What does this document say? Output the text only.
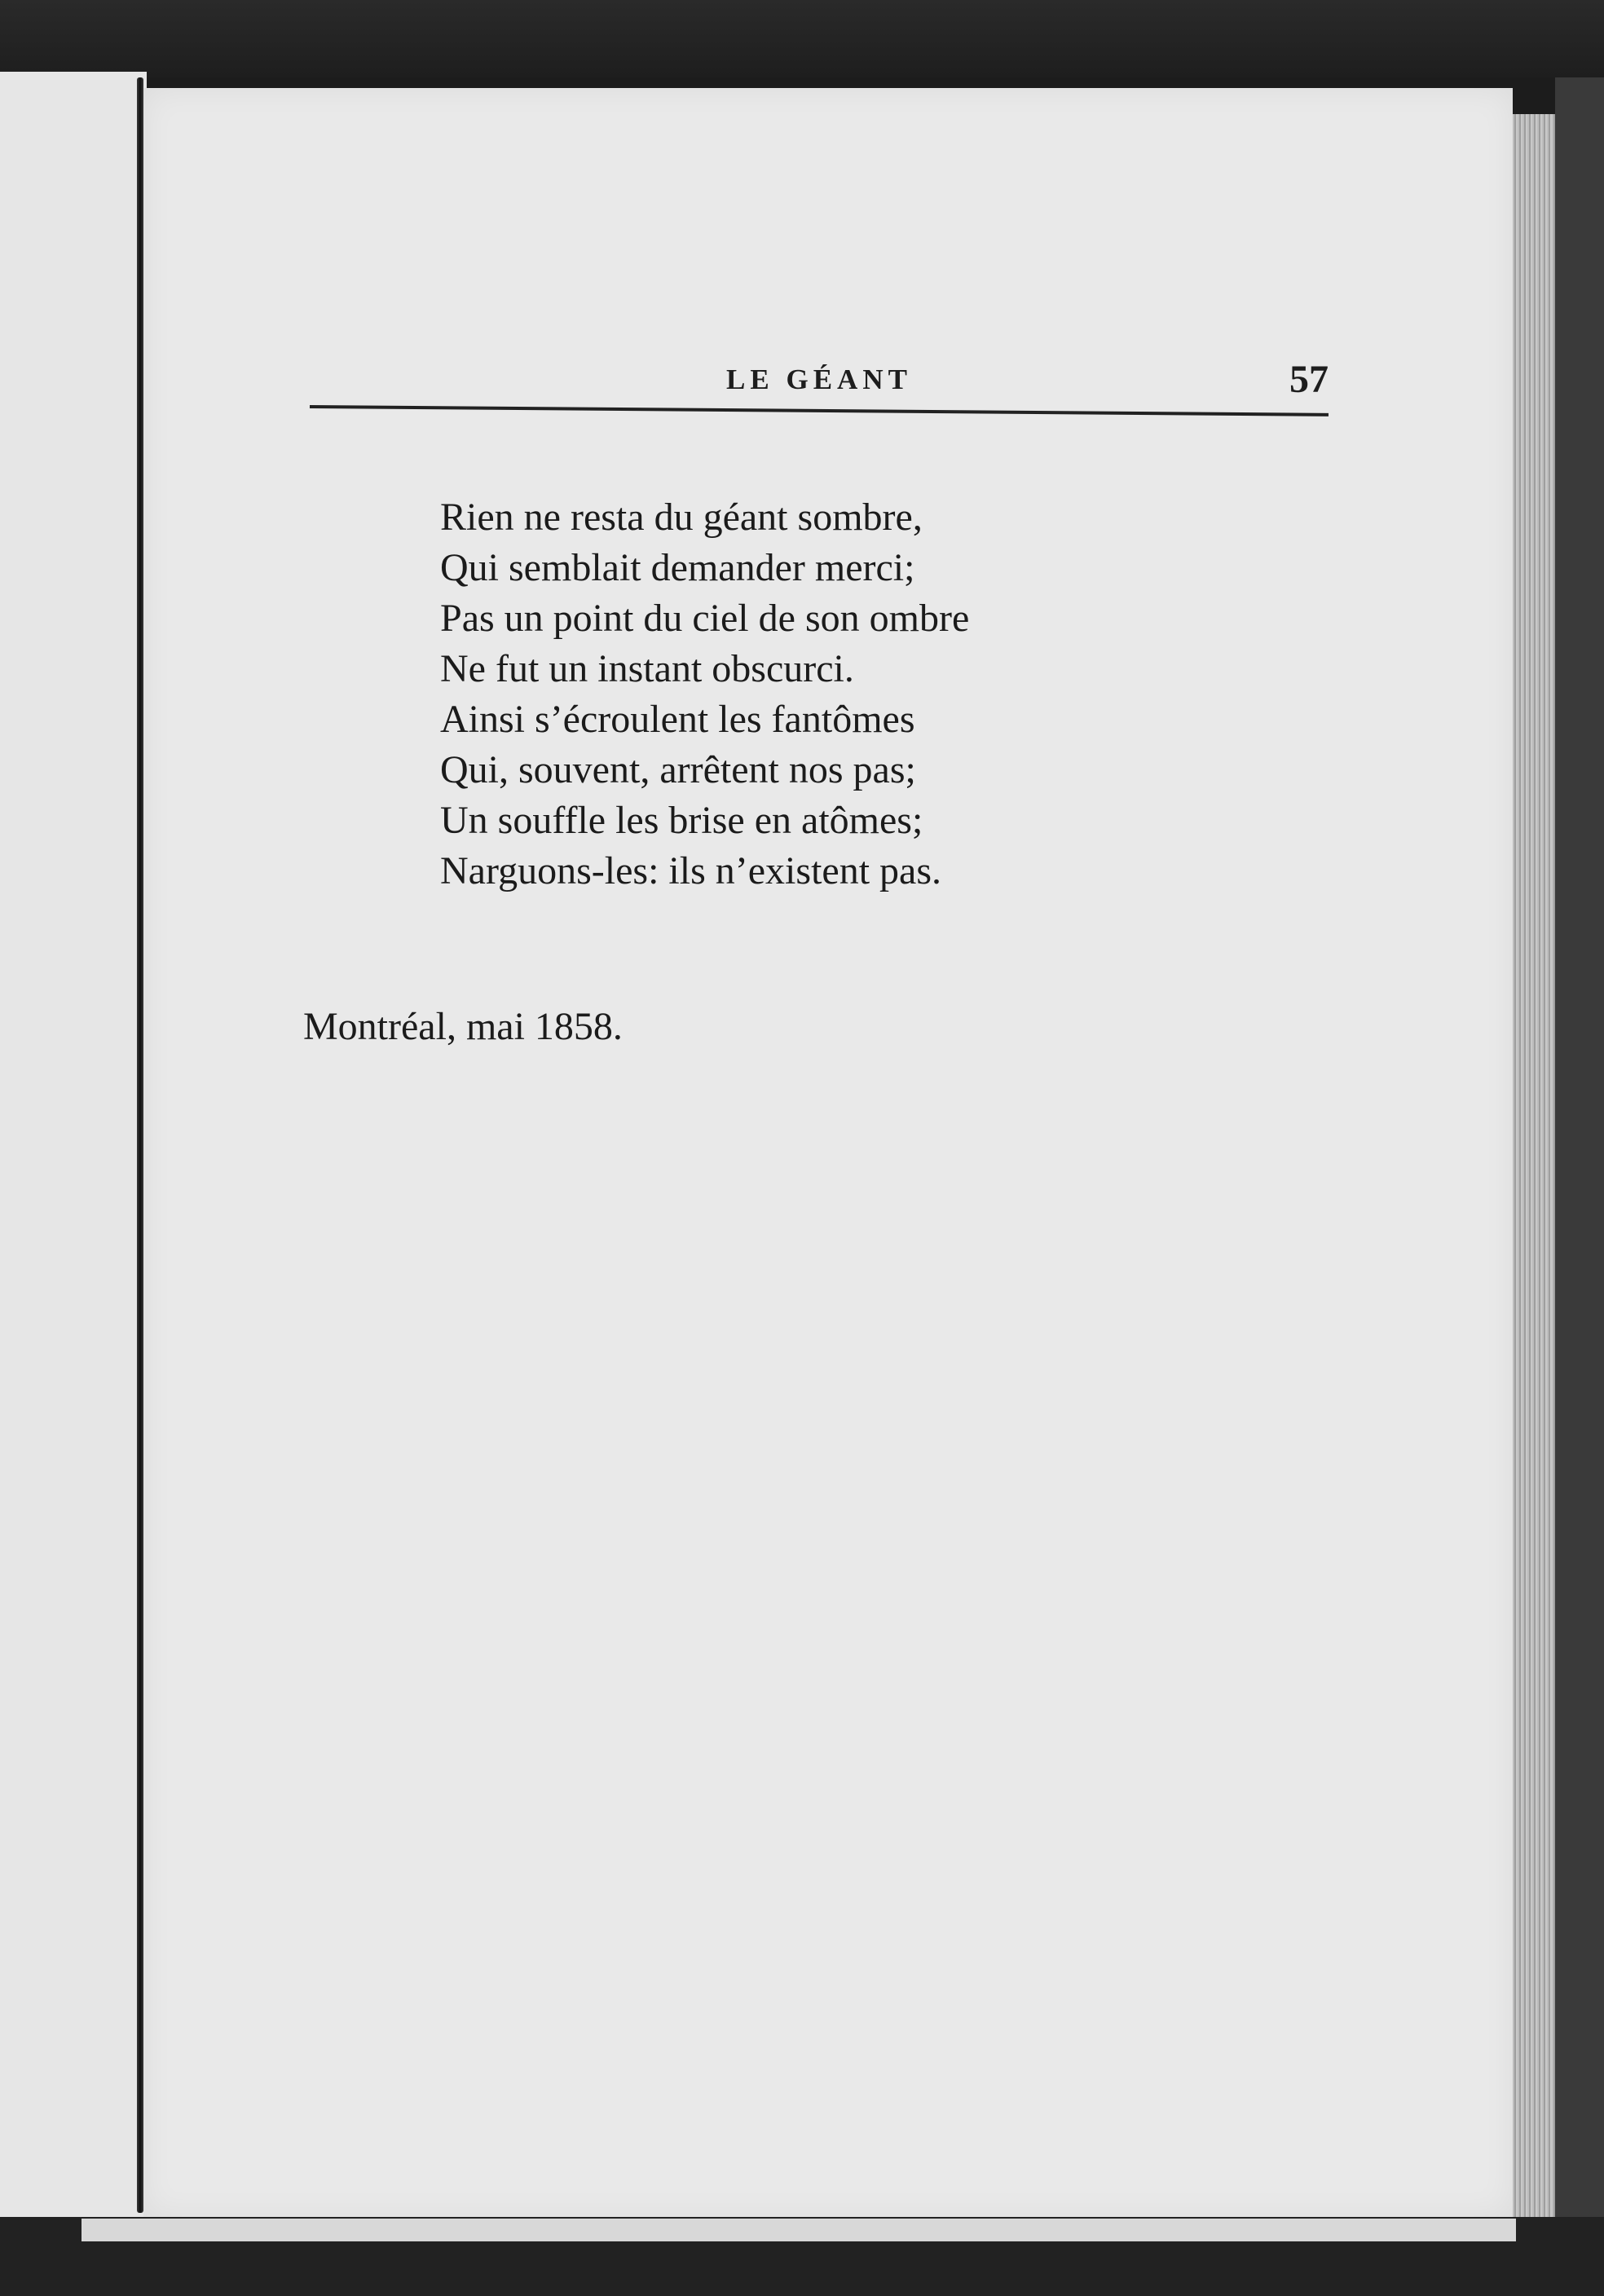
LE GÉANT	57
Rien ne resta du géant sombre,
Qui semblait demander merci;
Pas un point du ciel de son ombre
Ne fut un instant obscurci.
Ainsi s’écroulent les fantômes
Qui, souvent, arrêtent nos pas;
Un souffle les brise en atômes;
Narguons-les: ils n’existent pas.
Montréal, mai 1858.
